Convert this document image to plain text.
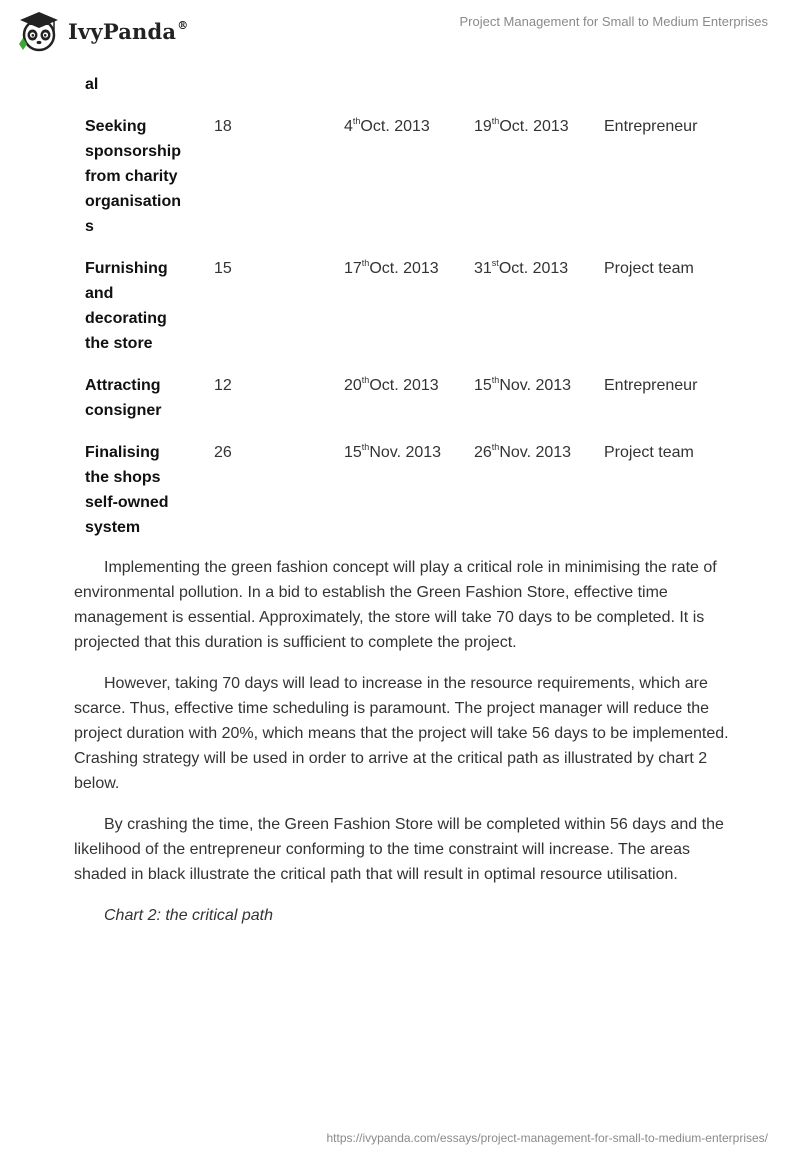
IvyPanda®	Project Management for Small to Medium Enterprises
al
Seeking
sponsorship
from charity
organisation
s
18	4thOct. 2013	19thOct. 2013	Entrepreneur
Furnishing
and
decorating
the store
15	17thOct. 2013	31stOct. 2013	Project team
Attracting
consigner
12	20thOct. 2013	15thNov. 2013	Entrepreneur
Finalising
the shops
self-owned
system
26	15thNov. 2013	26thNov. 2013	Project team

Implementing the green fashion concept will play a critical role in minimising the rate of environmental pollution. In a bid to establish the Green Fashion Store, effective time management is essential. Approximately, the store will take 70 days to be completed. It is projected that this duration is sufficient to complete the project.

However, taking 70 days will lead to increase in the resource requirements, which are scarce. Thus, effective time scheduling is paramount. The project manager will reduce the project duration with 20%, which means that the project will take 56 days to be implemented. Crashing strategy will be used in order to arrive at the critical path as illustrated by chart 2 below.

By crashing the time, the Green Fashion Store will be completed within 56 days and the likelihood of the entrepreneur conforming to the time constraint will increase. The areas shaded in black illustrate the critical path that will result in optimal resource utilisation.

Chart 2: the critical path
https://ivypanda.com/essays/project-management-for-small-to-medium-enterprises/
